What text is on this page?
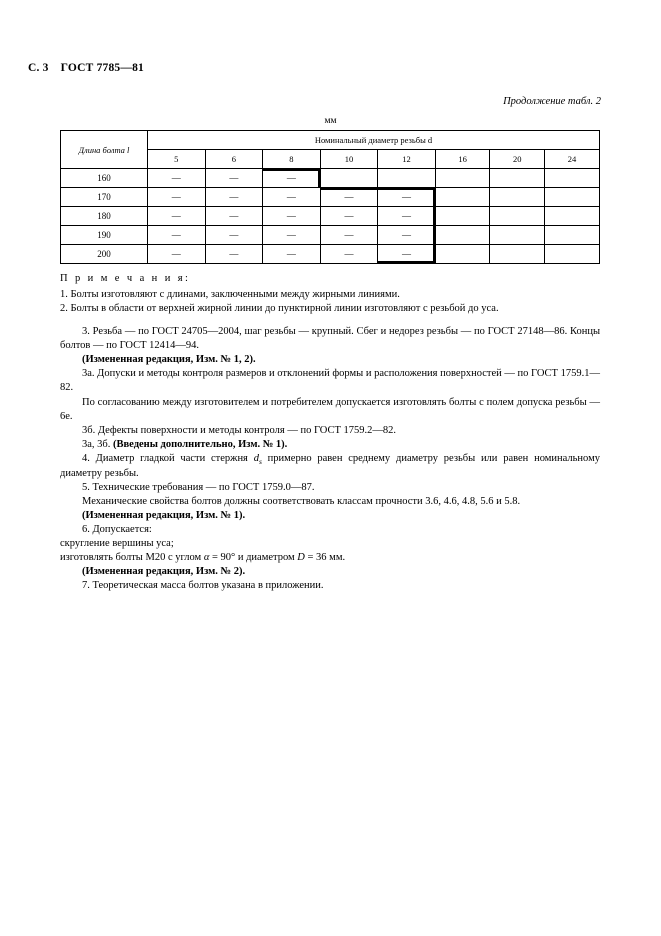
С. 3 ГОСТ 7785—81
Продолжение табл. 2
мм
Длина болта l	Номинальный диаметр резьбы d							
	5	6	8	10	12	16	20	24
160	—	—	—					
170	—	—	—	—	—			
180	—	—	—	—	—			
190	—	—	—	—	—			
200	—	—	—	—	—			
П р и м е ч а н и я:
1. Болты изготовляют с длинами, заключенными между жирными линиями.
2. Болты в области от верхней жирной линии до пунктирной линии изготовляют с резьбой до уса.

3. Резьба — по ГОСТ 24705—2004, шаг резьбы — крупный. Сбег и недорез резьбы — по ГОСТ 27148—86. Концы болтов — по ГОСТ 12414—94.

(Измененная редакция, Изм. № 1, 2).

3а. Допуски и методы контроля размеров и отклонений формы и расположения поверхностей — по ГОСТ 1759.1—82.

По согласованию между изготовителем и потребителем допускается изготовлять болты с полем допуска резьбы — 6е.

3б. Дефекты поверхности и методы контроля — по ГОСТ 1759.2—82.

3а, 3б. (Введены дополнительно, Изм. № 1).

4. Диаметр гладкой части стержня $d_s$ примерно равен среднему диаметру резьбы или равен номинальному диаметру резьбы.

5. Технические требования — по ГОСТ 1759.0—87.

Механические свойства болтов должны соответствовать классам прочности 3.6, 4.6, 4.8, 5.6 и 5.8.

(Измененная редакция, Изм. № 1).

6. Допускается:

скругление вершины уса;

изготовлять болты М20 с углом α = 90° и диаметром D = 36 мм.

(Измененная редакция, Изм. № 2).

7. Теоретическая масса болтов указана в приложении.
